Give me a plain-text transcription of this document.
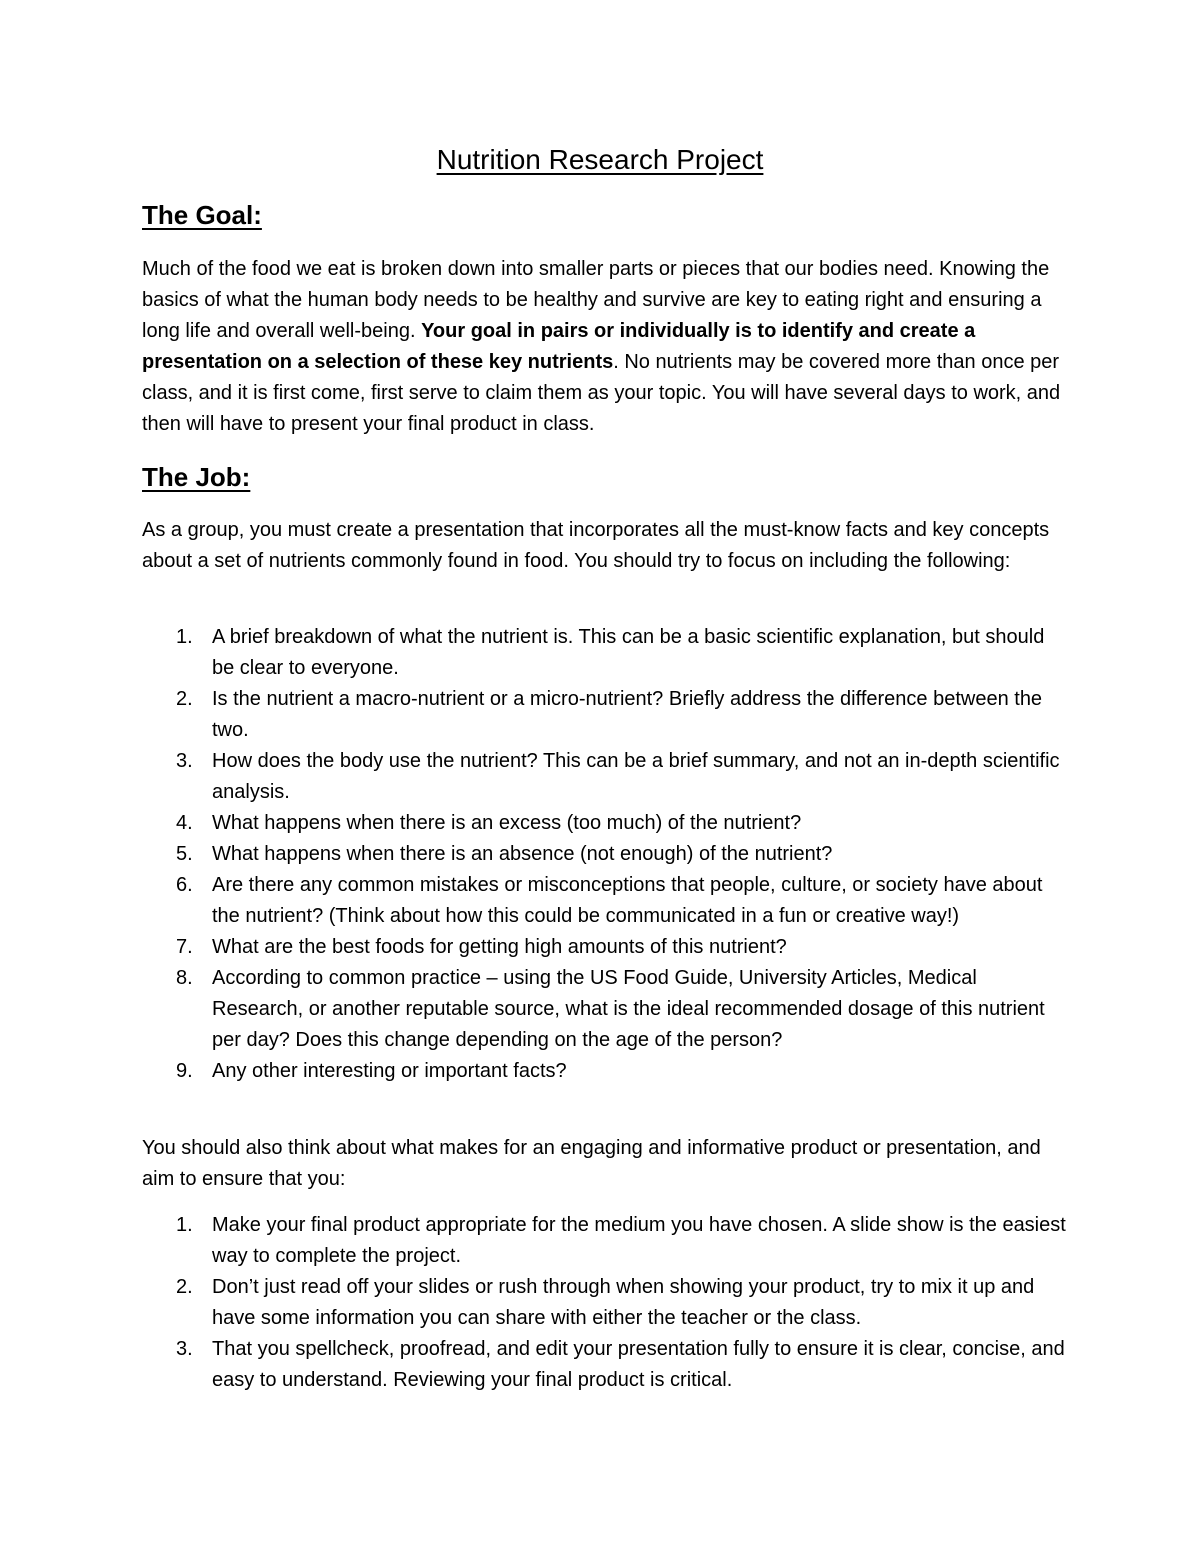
Nutrition Research Project
The Goal:

Much of the food we eat is broken down into smaller parts or pieces that our bodies need. Knowing the basics of what the human body needs to be healthy and survive are key to eating right and ensuring a long life and overall well-being. Your goal in pairs or individually is to identify and create a presentation on a selection of these key nutrients. No nutrients may be covered more than once per class, and it is first come, first serve to claim them as your topic. You will have several days to work, and then will have to present your final product in class.

The Job:

As a group, you must create a presentation that incorporates all the must-know facts and key concepts about a set of nutrients commonly found in food. You should try to focus on including the following:

1. A brief breakdown of what the nutrient is. This can be a basic scientific explanation, but should be clear to everyone.
2. Is the nutrient a macro-nutrient or a micro-nutrient? Briefly address the difference between the two.
3. How does the body use the nutrient? This can be a brief summary, and not an in-depth scientific analysis.
4. What happens when there is an excess (too much) of the nutrient?
5. What happens when there is an absence (not enough) of the nutrient?
6. Are there any common mistakes or misconceptions that people, culture, or society have about the nutrient? (Think about how this could be communicated in a fun or creative way!)
7. What are the best foods for getting high amounts of this nutrient?
8. According to common practice – using the US Food Guide, University Articles, Medical Research, or another reputable source, what is the ideal recommended dosage of this nutrient per day? Does this change depending on the age of the person?
9. Any other interesting or important facts?

You should also think about what makes for an engaging and informative product or presentation, and aim to ensure that you:

1. Make your final product appropriate for the medium you have chosen. A slide show is the easiest way to complete the project.
2. Don’t just read off your slides or rush through when showing your product, try to mix it up and have some information you can share with either the teacher or the class.
3. That you spellcheck, proofread, and edit your presentation fully to ensure it is clear, concise, and easy to understand. Reviewing your final product is critical.
